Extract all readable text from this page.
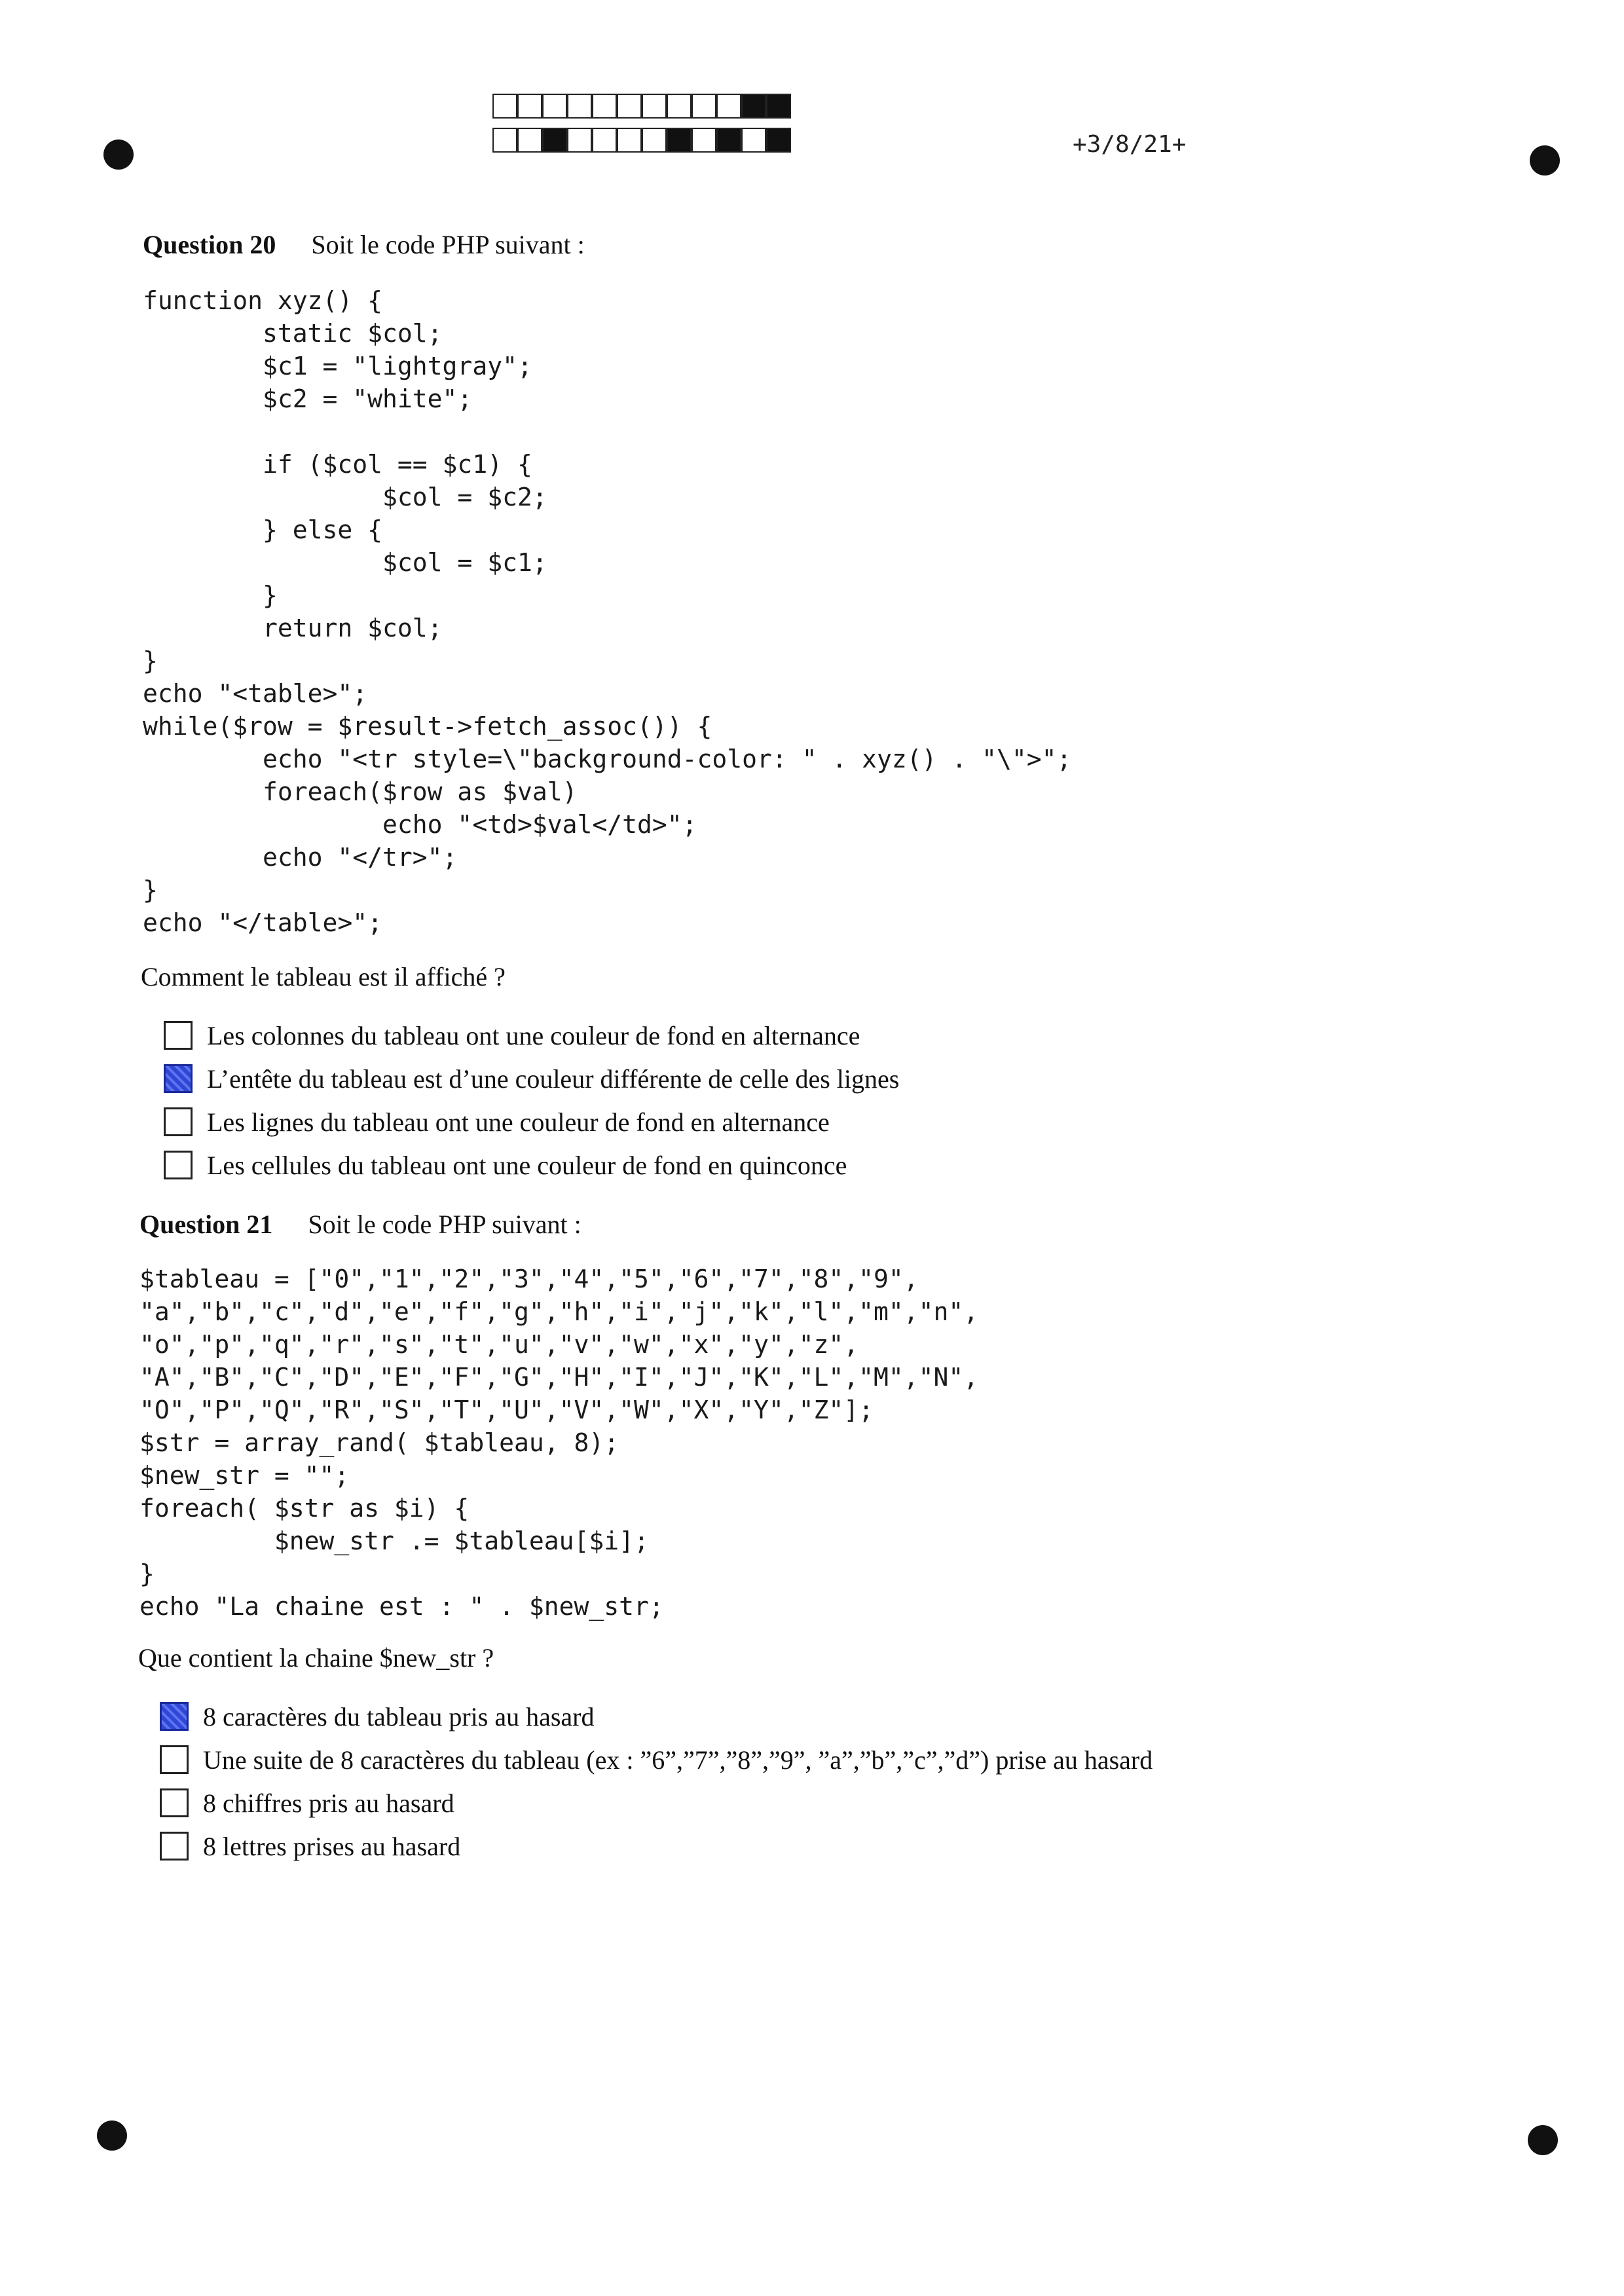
+3/8/21+
Question 20 Soit le code PHP suivant :
function xyz() {
static $col;
$c1 = "lightgray";
$c2 = "white";

if ($col == $c1) {
$col = $c2;
} else {
$col = $c1;
}
return $col;
}
echo "<table>";
while($row = $result->fetch_assoc()) {
echo "<tr style=\"background-color: " . xyz() . "\">";
foreach($row as $val)
echo "<td>$val</td>";
echo "</tr>";
}
echo "</table>";
Comment le tableau est il affiché ?
Les colonnes du tableau ont une couleur de fond en alternance
L’entête du tableau est d’une couleur différente de celle des lignes
Les lignes du tableau ont une couleur de fond en alternance
Les cellules du tableau ont une couleur de fond en quinconce
Question 21 Soit le code PHP suivant :
$tableau = ["0","1","2","3","4","5","6","7","8","9",
"a","b","c","d","e","f","g","h","i","j","k","l","m","n",
"o","p","q","r","s","t","u","v","w","x","y","z",
"A","B","C","D","E","F","G","H","I","J","K","L","M","N",
"O","P","Q","R","S","T","U","V","W","X","Y","Z"];
$str = array_rand( $tableau, 8);
$new_str = "";
foreach( $str as $i) {
$new_str .= $tableau[$i];
}
echo "La chaine est : " . $new_str;
Que contient la chaine $new_str ?
8 caractères du tableau pris au hasard
Une suite de 8 caractères du tableau (ex : ”6”,”7”,”8”,”9”, ”a”,”b”,”c”,”d”) prise au hasard
8 chiffres pris au hasard
8 lettres prises au hasard
